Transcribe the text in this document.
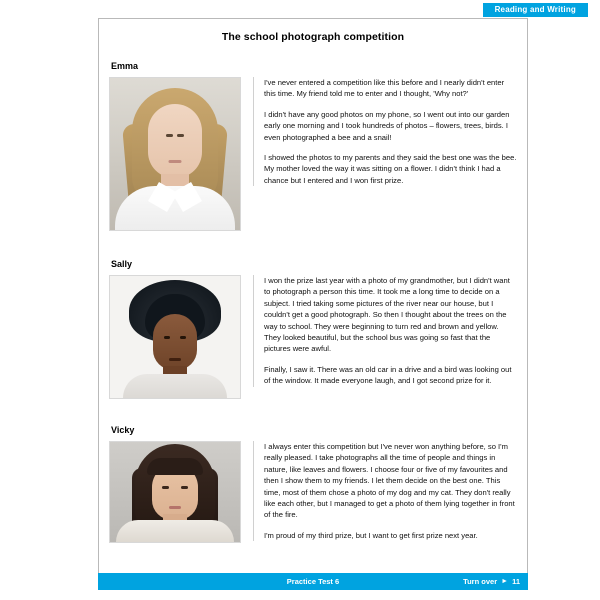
Reading and Writing
The school photograph competition
Emma

I've never entered a competition like this before and I nearly didn't enter this time. My friend told me to enter and I thought, 'Why not?'

I didn't have any good photos on my phone, so I went out into our garden early one morning and I took hundreds of photos – flowers, trees, birds. I even photographed a bee and a snail!

I showed the photos to my parents and they said the best one was the bee. My mother loved the way it was sitting on a flower. I didn't think I had a chance but I entered and I won first prize.

Sally

I won the prize last year with a photo of my grandmother, but I didn't want to photograph a person this time. It took me a long time to decide on a subject. I tried taking some pictures of the river near our house, but I couldn't get a good photograph. So then I thought about the trees on the way to school. They were beginning to turn red and brown and yellow. They looked beautiful, but the school bus was going so fast that the pictures were awful.

Finally, I saw it. There was an old car in a drive and a bird was looking out of the window. It made everyone laugh, and I got second prize for it.

Vicky

I always enter this competition but I've never won anything before, so I'm really pleased. I take photographs all the time of people and things in nature, like leaves and flowers. I choose four or five of my favourites and then I show them to my friends. I let them decide on the best one. This time, most of them chose a photo of my dog and my cat. They don't really like each other, but I managed to get a photo of them lying together in front of the fire.

I'm proud of my third prize, but I want to get first prize next year.

Practice Test 6	Turn over ► 11
